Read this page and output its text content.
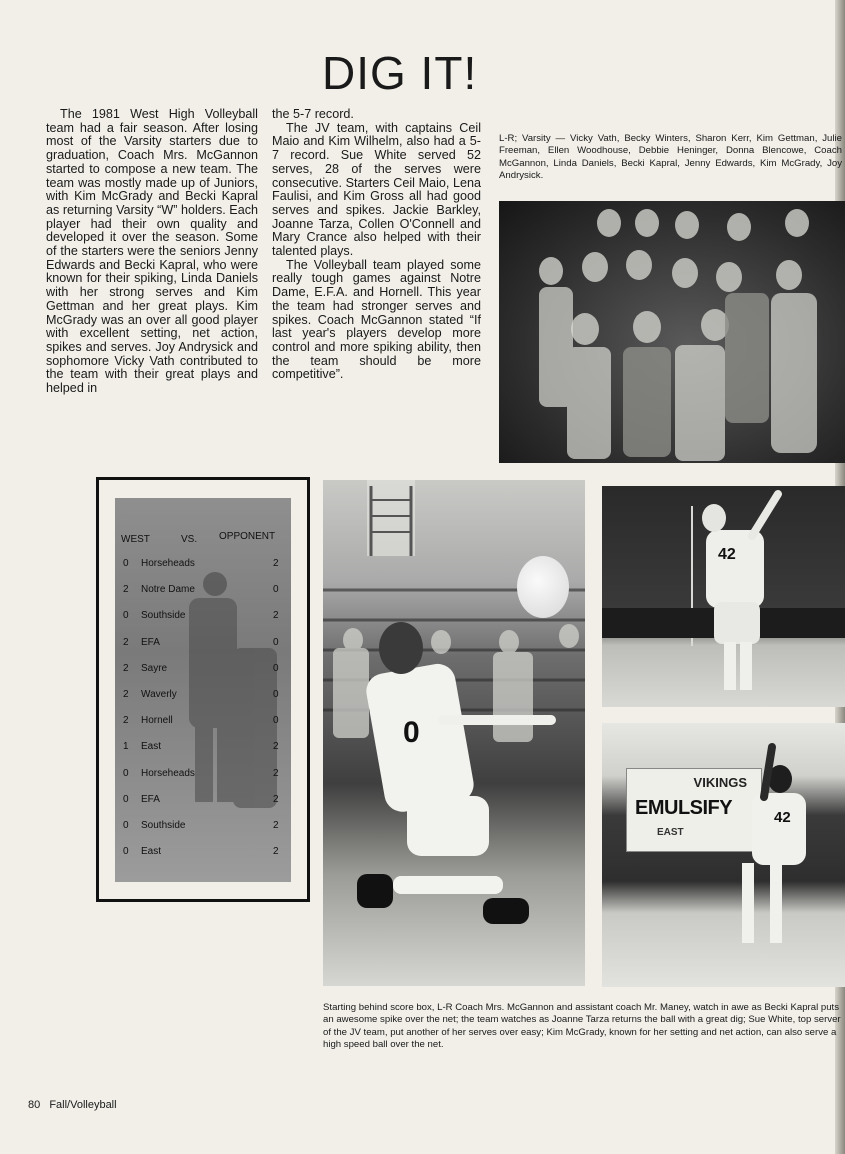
DIG IT!

The 1981 West High Volleyball team had a fair season. After losing most of the Varsity starters due to graduation, Coach Mrs. McGannon started to compose a new team. The team was mostly made up of Juniors, with Kim McGrady and Becki Kapral as returning Varsity “W” holders. Each player had their own quality and developed it over the season. Some of the starters were the seniors Jenny Edwards and Becki Kapral, who were known for their spiking, Linda Daniels with her strong serves and Kim Gettman and her great plays. Kim McGrady was an over all good player with excellent setting, net action, spikes and serves. Joy Andrysick and sophomore Vicky Vath contributed to the team with their great plays and helped in

the 5-7 record.

The JV team, with captains Ceil Maio and Kim Wilhelm, also had a 5-7 record. Sue White served 52 serves, 28 of the serves were consecutive. Starters Ceil Maio, Lena Faulisi, and Kim Gross all had good serves and spikes. Jackie Barkley, Joanne Tarza, Collen O'Connell and Mary Crance also helped with their talented plays.

The Volleyball team played some really tough games against Notre Dame, E.F.A. and Hornell. This year the team had stronger serves and spikes. Coach McGannon stated “If last year's players develop more control and more spiking ability, then the team should be more competitive”.

L-R; Varsity — Vicky Vath, Becky Winters, Sharon Kerr, Kim Gettman, Julie Freeman, Ellen Woodhouse, Debbie Heninger, Donna Blencowe, Coach McGannon, Linda Daniels, Becki Kapral, Jenny Edwards, Kim McGrady, Joy Andrysick.

WEST	VS. OPPONENT
0 Horseheads	2
2 Notre Dame	0
0 Southside	2
2 EFA	0
2 Sayre	0
2 Waverly	0
2 Hornell	0
1 East	2
0 Horseheads	2
0 EFA	2
0 Southside	2
0 East	2
0
42
VIKINGS
EMULSIFY
EAST
42

Starting behind score box, L-R Coach Mrs. McGannon and assistant coach Mr. Maney, watch in awe as Becki Kapral puts an awesome spike over the net; the team watches as Joanne Tarza returns the ball with a great dig; Sue White, top server of the JV team, put another of her serves over easy; Kim McGrady, known for her setting and net action, can also serve a high speed ball over the net.

80 Fall/Volleyball
